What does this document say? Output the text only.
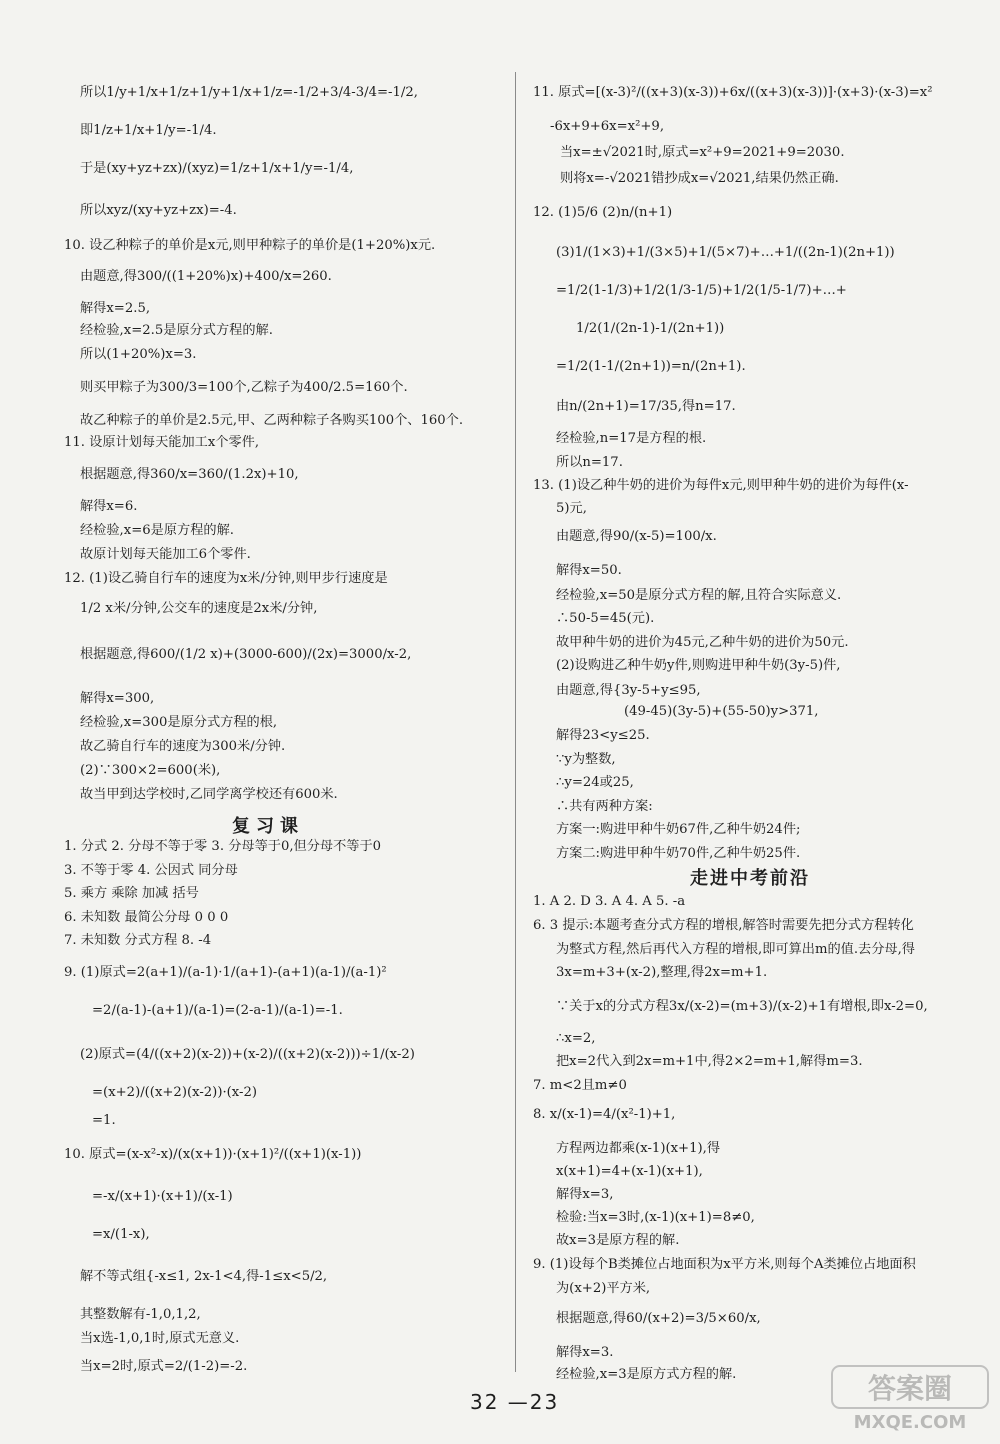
所以1/y+1/x+1/z+1/y+1/x+1/z=-1/2+3/4-3/4=-1/2,
即1/z+1/x+1/y=-1/4.
于是(xy+yz+zx)/(xyz)=1/z+1/x+1/y=-1/4,
所以xyz/(xy+yz+zx)=-4.
10. 设乙种粽子的单价是x元,则甲种粽子的单价是(1+20%)x元.
由题意,得300/((1+20%)x)+400/x=260.
解得x=2.5,
经检验,x=2.5是原分式方程的解.
所以(1+20%)x=3.
则买甲粽子为300/3=100个,乙粽子为400/2.5=160个.
故乙种粽子的单价是2.5元,甲、乙两种粽子各购买100个、160个.
11. 设原计划每天能加工x个零件,
根据题意,得360/x=360/(1.2x)+10,
解得x=6.
经检验,x=6是原方程的解.
故原计划每天能加工6个零件.
12. (1)设乙骑自行车的速度为x米/分钟,则甲步行速度是
1/2 x米/分钟,公交车的速度是2x米/分钟,
根据题意,得600/(1/2 x)+(3000-600)/(2x)=3000/x-2,
解得x=300,
经检验,x=300是原分式方程的根,
故乙骑自行车的速度为300米/分钟.
(2)∵300×2=600(米),
故当甲到达学校时,乙同学离学校还有600米.
1. 分式 2. 分母不等于零 3. 分母等于0,但分母不等于0
3. 不等于零 4. 公因式 同分母
5. 乘方 乘除 加减 括号
6. 未知数 最简公分母 0 0 0
7. 未知数 分式方程 8. -4
9. (1)原式=2(a+1)/(a-1)·1/(a+1)-(a+1)(a-1)/(a-1)²
=2/(a-1)-(a+1)/(a-1)=(2-a-1)/(a-1)=-1.
(2)原式=(4/((x+2)(x-2))+(x-2)/((x+2)(x-2)))÷1/(x-2)
=(x+2)/((x+2)(x-2))·(x-2)
=1.
10. 原式=(x-x²-x)/(x(x+1))·(x+1)²/((x+1)(x-1))
=-x/(x+1)·(x+1)/(x-1)
=x/(1-x),
解不等式组{-x≤1, 2x-1<4,得-1≤x<5/2,
其整数解有-1,0,1,2,
当x选-1,0,1时,原式无意义.
当x=2时,原式=2/(1-2)=-2.
11. 原式=[(x-3)²/((x+3)(x-3))+6x/((x+3)(x-3))]·(x+3)·(x-3)=x²
-6x+9+6x=x²+9,
当x=±√2021时,原式=x²+9=2021+9=2030.
则将x=-√2021错抄成x=√2021,结果仍然正确.
12. (1)5/6 (2)n/(n+1)
(3)1/(1×3)+1/(3×5)+1/(5×7)+…+1/((2n-1)(2n+1))
=1/2(1-1/3)+1/2(1/3-1/5)+1/2(1/5-1/7)+…+
1/2(1/(2n-1)-1/(2n+1))
=1/2(1-1/(2n+1))=n/(2n+1).
由n/(2n+1)=17/35,得n=17.
经检验,n=17是方程的根.
所以n=17.
13. (1)设乙种牛奶的进价为每件x元,则甲种牛奶的进价为每件(x-
5)元,
由题意,得90/(x-5)=100/x.
解得x=50.
经检验,x=50是原分式方程的解,且符合实际意义.
∴50-5=45(元).
故甲种牛奶的进价为45元,乙种牛奶的进价为50元.
(2)设购进乙种牛奶y件,则购进甲种牛奶(3y-5)件,
由题意,得{3y-5+y≤95,
(49-45)(3y-5)+(55-50)y>371,
解得23<y≤25.
∵y为整数,
∴y=24或25,
∴共有两种方案:
方案一:购进甲种牛奶67件,乙种牛奶24件;
方案二:购进甲种牛奶70件,乙种牛奶25件.
1. A 2. D 3. A 4. A 5. -a
6. 3 提示:本题考查分式方程的增根,解答时需要先把分式方程转化
为整式方程,然后再代入方程的增根,即可算出m的值.去分母,得
3x=m+3+(x-2),整理,得2x=m+1.
∵关于x的分式方程3x/(x-2)=(m+3)/(x-2)+1有增根,即x-2=0,
∴x=2,
把x=2代入到2x=m+1中,得2×2=m+1,解得m=3.
7. m<2且m≠0
8. x/(x-1)=4/(x²-1)+1,
方程两边都乘(x-1)(x+1),得
x(x+1)=4+(x-1)(x+1),
解得x=3,
检验:当x=3时,(x-1)(x+1)=8≠0,
故x=3是原方程的解.
9. (1)设每个B类摊位占地面积为x平方米,则每个A类摊位占地面积
为(x+2)平方米,
根据题意,得60/(x+2)=3/5×60/x,
解得x=3.
经检验,x=3是原方式方程的解.
复习课
走进中考前沿
32 —23	答案圈
MXQE.COM
